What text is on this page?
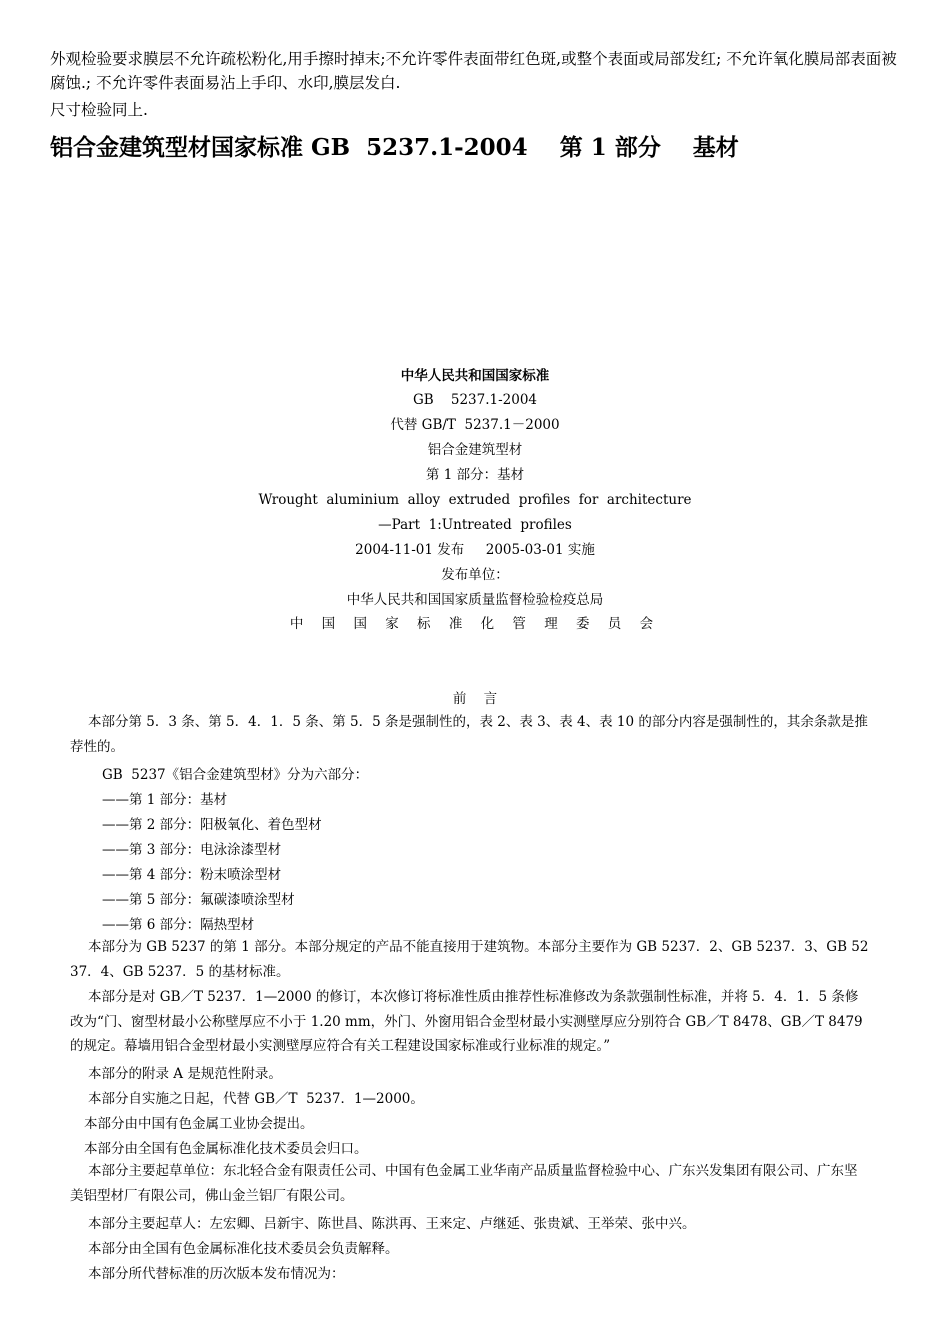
外观检验要求膜层不允许疏松粉化,用手擦时掉末;不允许零件表面带红色斑,或整个表面或局部发红; 不允许氧化膜局部表面被腐蚀.; 不允许零件表面易沾上手印、水印,膜层发白.
尺寸检验同上.
铝合金建筑型材国家标准 GB  5237.1-2004    第 1 部分    基材
中华人民共和国国家标准
GB    5237.1-2004
代替 GB/T  5237.1－2000
铝合金建筑型材
第 1 部分：基材
Wrought  aluminium  alloy  extruded  profiles  for  architecture
—Part  1:Untreated  profiles
2004-11-01 发布     2005-03-01 实施
发布单位：
中华人民共和国国家质量监督检验检疫总局
中 国 国 家 标 准 化 管 理 委 员 会
前    言

本部分第 5．3 条、第 5．4．1．5 条、第 5．5 条是强制性的，表 2、表 3、表 4、表 10 的部分内容是强制性的，其余条款是推荐性的。

GB  5237《铝合金建筑型材》分为六部分：
——第 1 部分：基材
——第 2 部分：阳极氧化、着色型材
——第 3 部分：电泳涂漆型材
——第 4 部分：粉末喷涂型材
——第 5 部分：氟碳漆喷涂型材
——第 6 部分：隔热型材

本部分为 GB 5237 的第 1 部分。本部分规定的产品不能直接用于建筑物。本部分主要作为 GB 5237．2、GB 5237．3、GB 5237．4、GB 5237．5 的基材标准。

本部分是对 GB／T 5237．1—2000 的修订，本次修订将标准性质由推荐性标准修改为条款强制性标准，并将 5．4．1．5 条修改为“门、窗型材最小公称壁厚应不小于 1.20 mm，外门、外窗用铝合金型材最小实测壁厚应分别符合 GB／T 8478、GB／T 8479 的规定。幕墙用铝合金型材最小实测壁厚应符合有关工程建设国家标准或行业标准的规定。”

本部分的附录 A 是规范性附录。
本部分自实施之日起，代替 GB／T  5237．1—2000。
本部分由中国有色金属工业协会提出。
本部分由全国有色金属标准化技术委员会归口。

本部分主要起草单位：东北轻合金有限责任公司、中国有色金属工业华南产品质量监督检验中心、广东兴发集团有限公司、广东坚美铝型材厂有限公司，佛山金兰铝厂有限公司。

本部分主要起草人：左宏卿、吕新宇、陈世昌、陈洪再、王来定、卢继延、张贵斌、王举荣、张中兴。
本部分由全国有色金属标准化技术委员会负责解释。
本部分所代替标准的历次版本发布情况为：
